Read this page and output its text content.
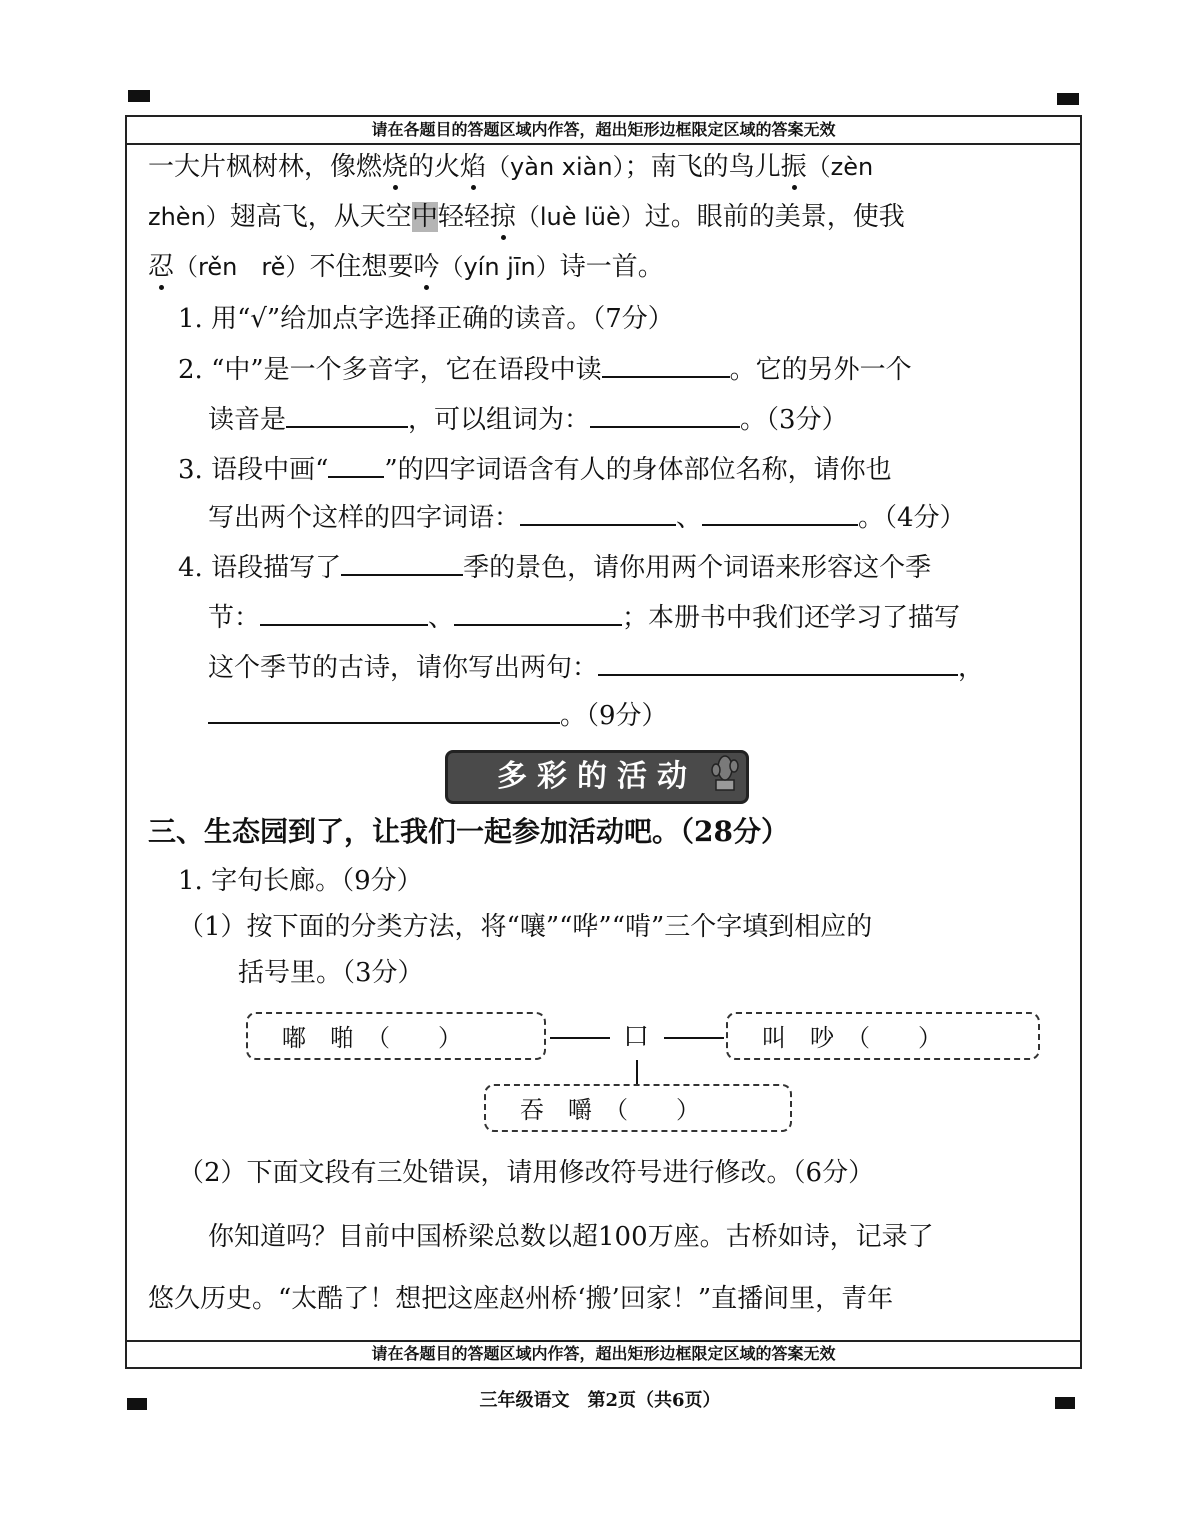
请在各题目的答题区域内作答，超出矩形边框限定区域的答案无效
一大片枫树林，像燃烧的火焰（yàn xiàn）；南飞的鸟儿振（zèn
zhèn）翅高飞，从天空中轻轻掠（luè lüè）过。眼前的美景，使我
忍（rěn　rě）不住想要吟（yín jīn）诗一首。
1. 用“√”给加点字选择正确的读音。（7分）
2. “中”是一个多音字，它在语段中读	。它的另外一个
读音是	，可以组词为：	。（3分）
3. 语段中画“ ”的四字词语含有人的身体部位名称，请你也
写出两个这样的四字词语：	、	。（4分）
4. 语段描写了	季的景色，请你用两个词语来形容这个季
节：	、	；本册书中我们还学习了描写
这个季节的古诗，请你写出两句：	，
。（9分）
多彩的活动
三、生态园到了，让我们一起参加活动吧。（28分）
1. 字句长廊。（9分）
（1）按下面的分类方法，将“嚷”“哗”“啃”三个字填到相应的
括号里。（3分）
嘟　啪　（　　）	口	叫　吵　（　　）
吞　嚼　（　　）
（2）下面文段有三处错误，请用修改符号进行修改。（6分）
你知道吗？目前中国桥梁总数以超100万座。古桥如诗，记录了
悠久历史。“太酷了！想把这座赵州桥‘搬’回家！”直播间里，青年
请在各题目的答题区域内作答，超出矩形边框限定区域的答案无效
三年级语文　第2页（共6页）
